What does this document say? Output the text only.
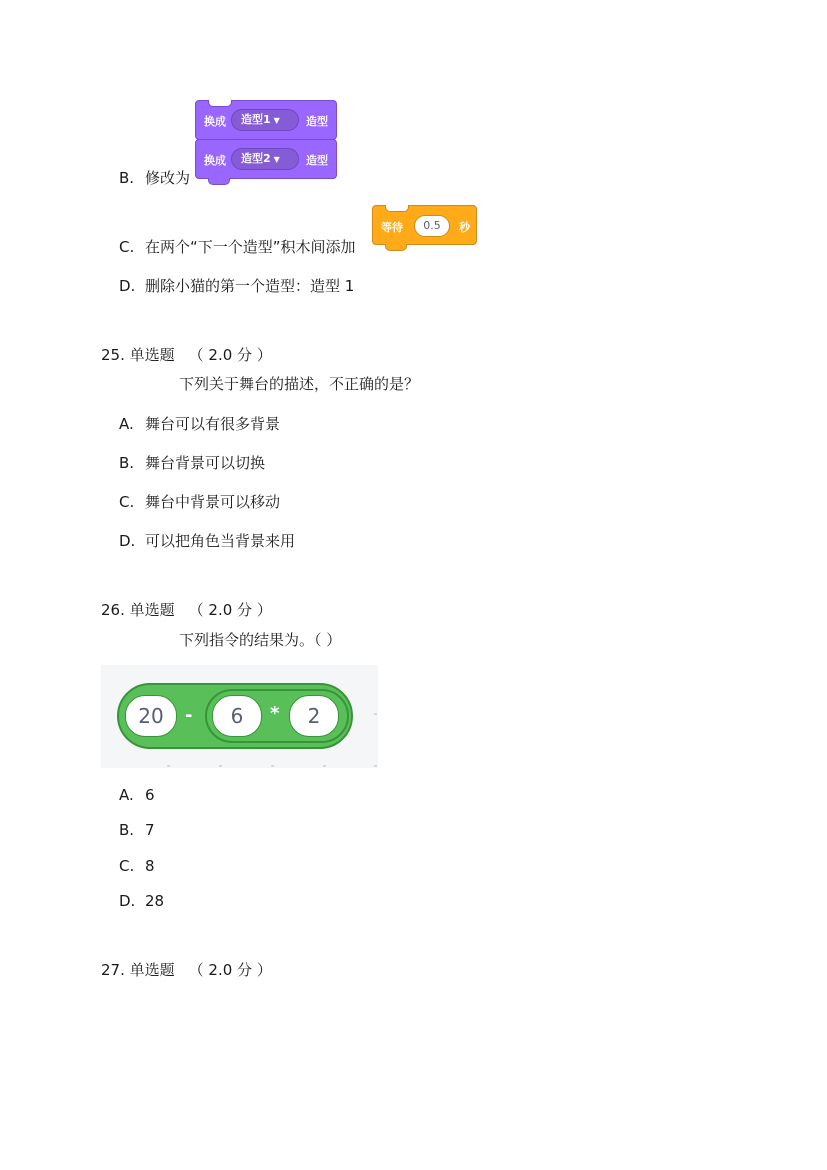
换成	造型1 ▼	造型
换成	造型2 ▼	造型
B. 修改为
等待	0.5	秒
C. 在两个“下一个造型”积木间添加
D. 删除小猫的第一个造型：造型 1
25. 单选题 （ 2.0 分 ）
下列关于舞台的描述，不正确的是？
A. 舞台可以有很多背景
B. 舞台背景可以切换
C. 舞台中背景可以移动
D. 可以把角色当背景来用
26. 单选题 （ 2.0 分 ）
下列指令的结果为。（ ）
20	-	6	*	2
A. 6
B. 7
C. 8
D. 28
27. 单选题 （ 2.0 分 ）
